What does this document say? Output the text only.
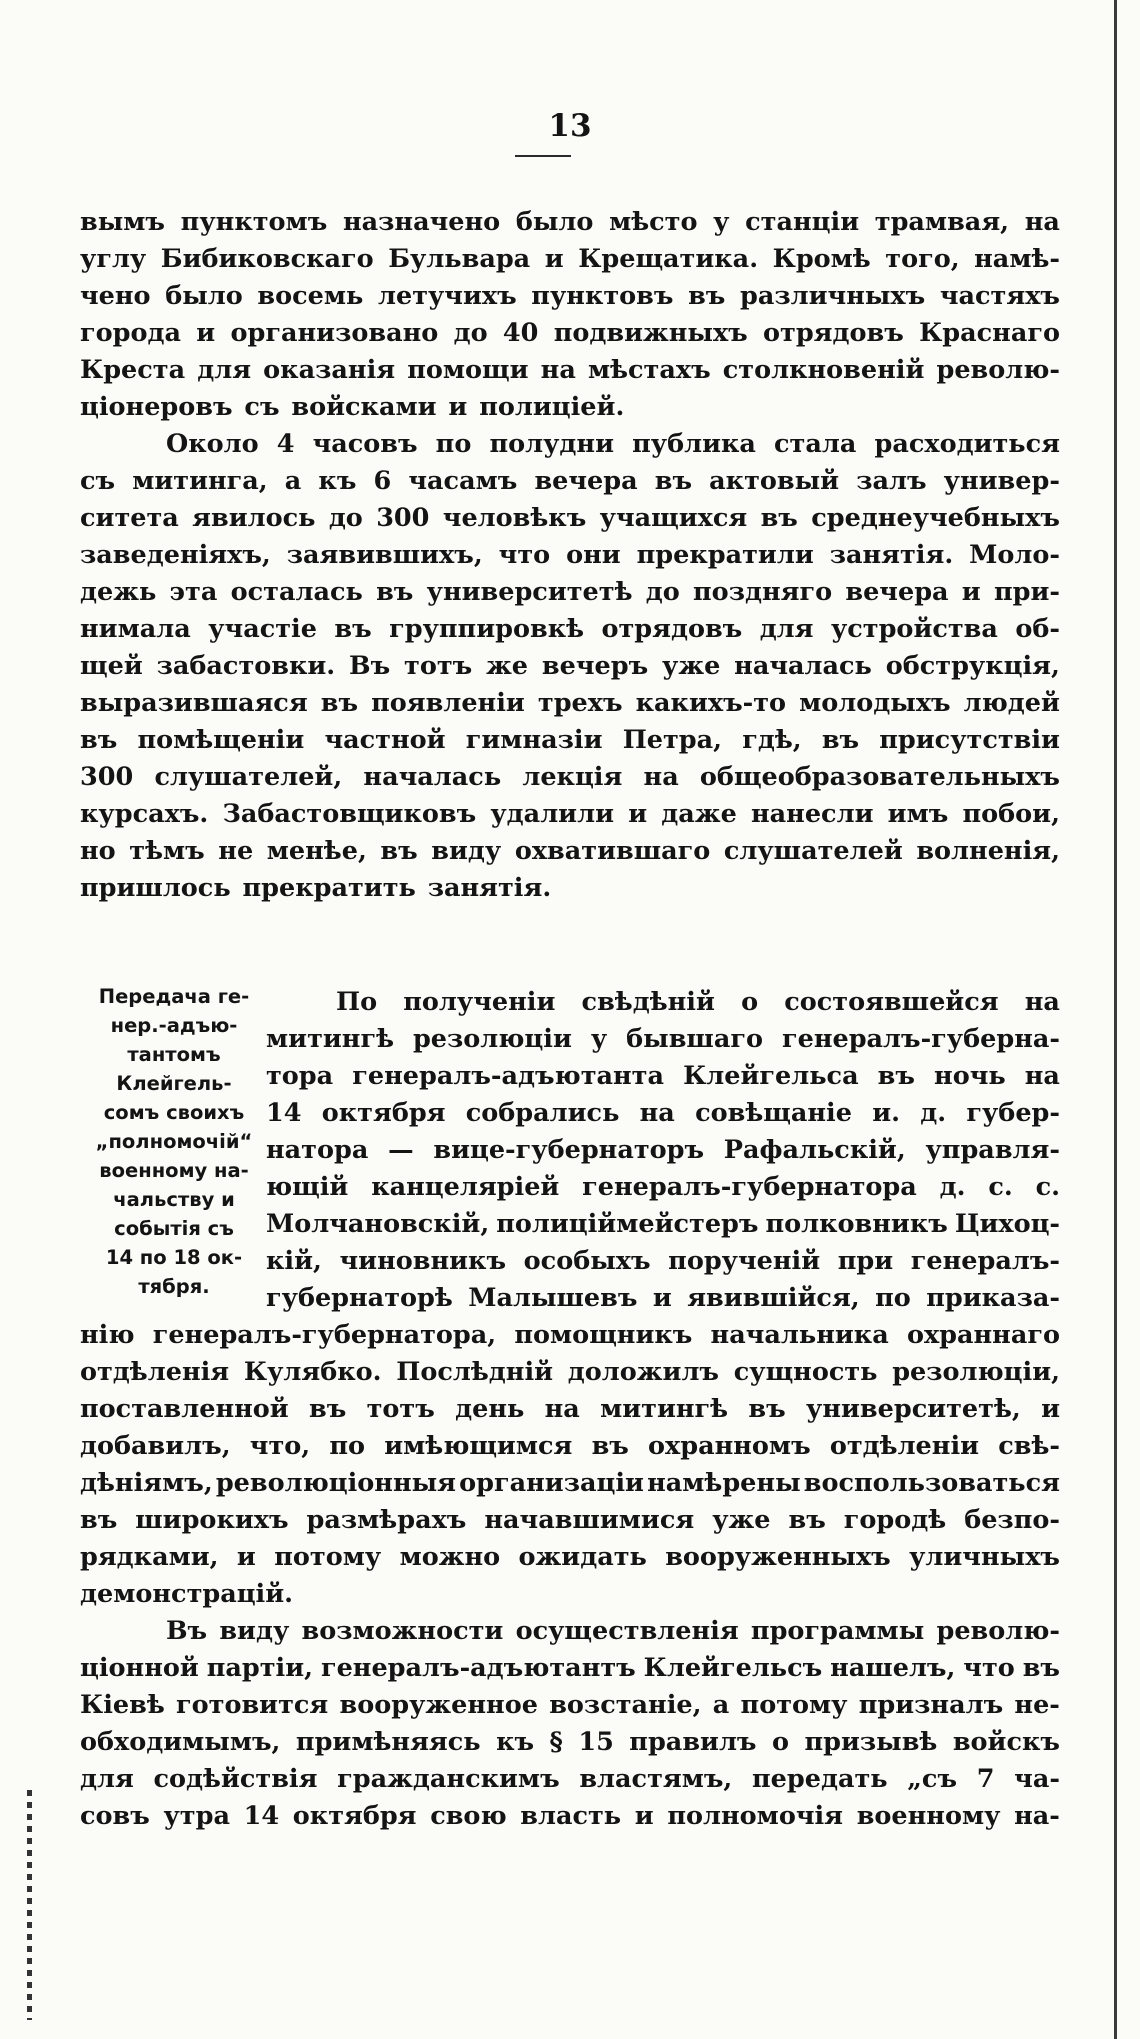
13
вымъ пунктомъ назначено было мѣсто у станціи трамвая, на
углу Бибиковскаго Бульвара и Крещатика. Кромѣ того, намѣ-
чено было восемь летучихъ пунктовъ въ различныхъ частяхъ
города и организовано до 40 подвижныхъ отрядовъ Краснаго
Креста для оказанія помощи на мѣстахъ столкновеній револю-
ціонеровъ съ войсками и полиціей.
Около 4 часовъ по полудни публика стала расходиться
съ митинга, а къ 6 часамъ вечера въ актовый залъ универ-
ситета явилось до 300 человѣкъ учащихся въ среднеучебныхъ
заведеніяхъ, заявившихъ, что они прекратили занятія. Моло-
дежь эта осталась въ университетѣ до поздняго вечера и при-
нимала участіе въ группировкѣ отрядовъ для устройства об-
щей забастовки. Въ тотъ же вечеръ уже началась обструкція,
выразившаяся въ появленіи трехъ какихъ-то молодыхъ людей
въ помѣщеніи частной гимназіи Петра, гдѣ, въ присутствіи
300 слушателей, началась лекція на общеобразовательныхъ
курсахъ. Забастовщиковъ удалили и даже нанесли имъ побои,
но тѣмъ не менѣе, въ виду охватившаго слушателей волненія,
пришлось прекратить занятія.
Передача ге-
нер.-адъю-
тантомъ
Клейгель-
сомъ своихъ
„полномочій“
военному на-
чальству и
событія съ
14 по 18 ок-
тября.
По полученіи свѣдѣній о состоявшейся на
митингѣ резолюціи у бывшаго генералъ-губерна-
тора генералъ-адъютанта Клейгельса въ ночь на
14 октября собрались на совѣщаніе и. д. губер-
натора — вице-губернаторъ Рафальскій, управля-
ющій канцеляріей генералъ-губернатора д. с. с.
Молчановскій, полиціймейстеръ полковникъ Цихоц-
кій, чиновникъ особыхъ порученій при генералъ-
губернаторѣ Малышевъ и явившійся, по приказа-
нію генералъ-губернатора, помощникъ начальника охраннаго
отдѣленія Кулябко. Послѣдній доложилъ сущность резолюціи,
поставленной въ тотъ день на митингѣ въ университетѣ, и
добавилъ, что, по имѣющимся въ охранномъ отдѣленіи свѣ-
дѣніямъ, революціонныя организаціи намѣрены воспользоваться
въ широкихъ размѣрахъ начавшимися уже въ городѣ безпо-
рядками, и потому можно ожидать вооруженныхъ уличныхъ
демонстрацій.
Въ виду возможности осуществленія программы револю-
ціонной партіи, генералъ-адъютантъ Клейгельсъ нашелъ, что въ
Кіевѣ готовится вооруженное возстаніе, а потому призналъ не-
обходимымъ, примѣняясь къ § 15 правилъ о призывѣ войскъ
для содѣйствія гражданскимъ властямъ, передать „съ 7 ча-
совъ утра 14 октября свою власть и полномочія военному на-
